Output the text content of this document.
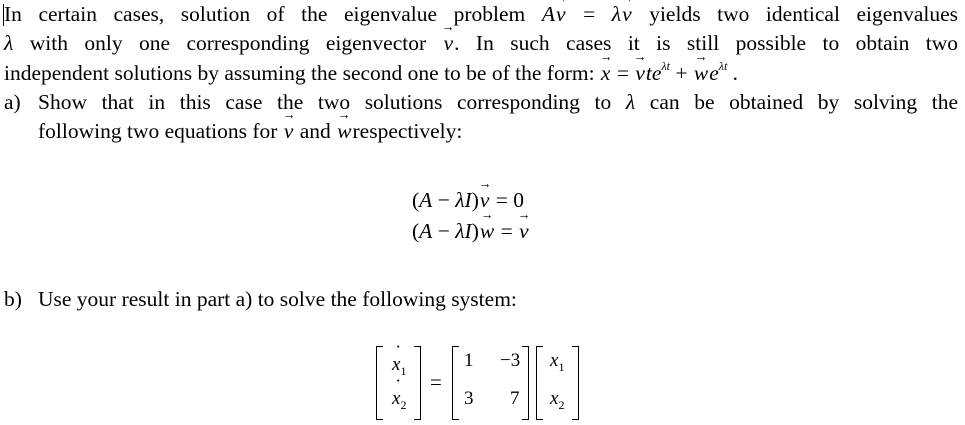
In certain cases, solution of the eigenvalue problem A→ v = λ→ v yields two identical eigenvalues
λ with only one corresponding eigenvector → v. In such cases it is still possible to obtain two
independent solutions by assuming the second one to be of the form: → x = → vte$^{\lambda t}$ + → $we^{\lambda t}$ .
a) Show that in this case the two solutions corresponding to λ can be obtained by solving the
following two equations for → v and → wrespectively:
(A − λI)→ v = 0
(A − λI)→ w = → v
b) Use your result in part a) to solve the following system:
˙ $x_1$
˙ $x_2$
=
1 −3
3 7
$x_1$
$x_2$
